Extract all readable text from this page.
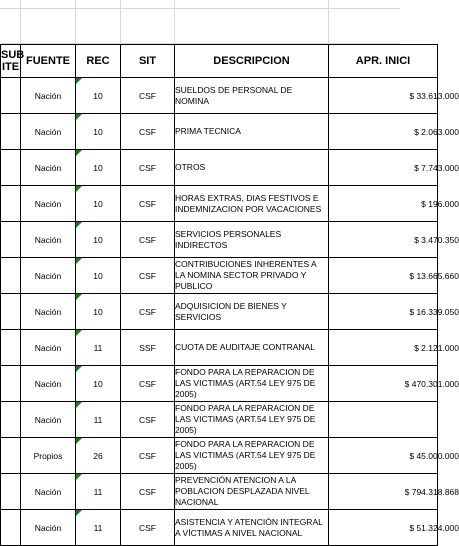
SUB
ITE	FUENTE	REC	SIT	DESCRIPCION	APR. INICI
	Nación	10	CSF	SUELDOS DE PERSONAL DE NOMINA	$ 33.613.000
	Nación	10	CSF	PRIMA TECNICA	$ 2.063.000
	Nación	10	CSF	OTROS	$ 7.743.000
	Nación	10	CSF	HORAS EXTRAS, DIAS FESTIVOS E INDEMNIZACION POR VACACIONES	$ 196.000
	Nación	10	CSF	SERVICIOS PERSONALES INDIRECTOS	$ 3.470.350
	Nación	10	CSF	CONTRIBUCIONES INHERENTES A LA NOMINA SECTOR PRIVADO Y PUBLICO	$ 13.665.660
	Nación	10	CSF	ADQUISICION DE BIENES Y SERVICIOS	$ 16.339.050
	Nación	11	SSF	CUOTA DE AUDITAJE CONTRANAL	$ 2.121.000
	Nación	10	CSF	FONDO PARA LA REPARACION DE LAS VICTIMAS (ART.54 LEY 975 DE 2005)	$ 470.301.000
	Nación	11	CSF	FONDO PARA LA REPARACION DE LAS VICTIMAS (ART.54 LEY 975 DE 2005)	
	Propios	26	CSF	FONDO PARA LA REPARACION DE LAS VICTIMAS (ART.54 LEY 975 DE 2005)	$ 45.000.000
	Nación	11	CSF	PREVENCIÓN ATENCION A LA POBLACION DESPLAZADA NIVEL NACIONAL	$ 794.318.868
	Nación	11	CSF	ASISTENCIA Y ATENCIÓN INTEGRAL A VÍCTIMAS A NIVEL NACIONAL	$ 51.324.000
